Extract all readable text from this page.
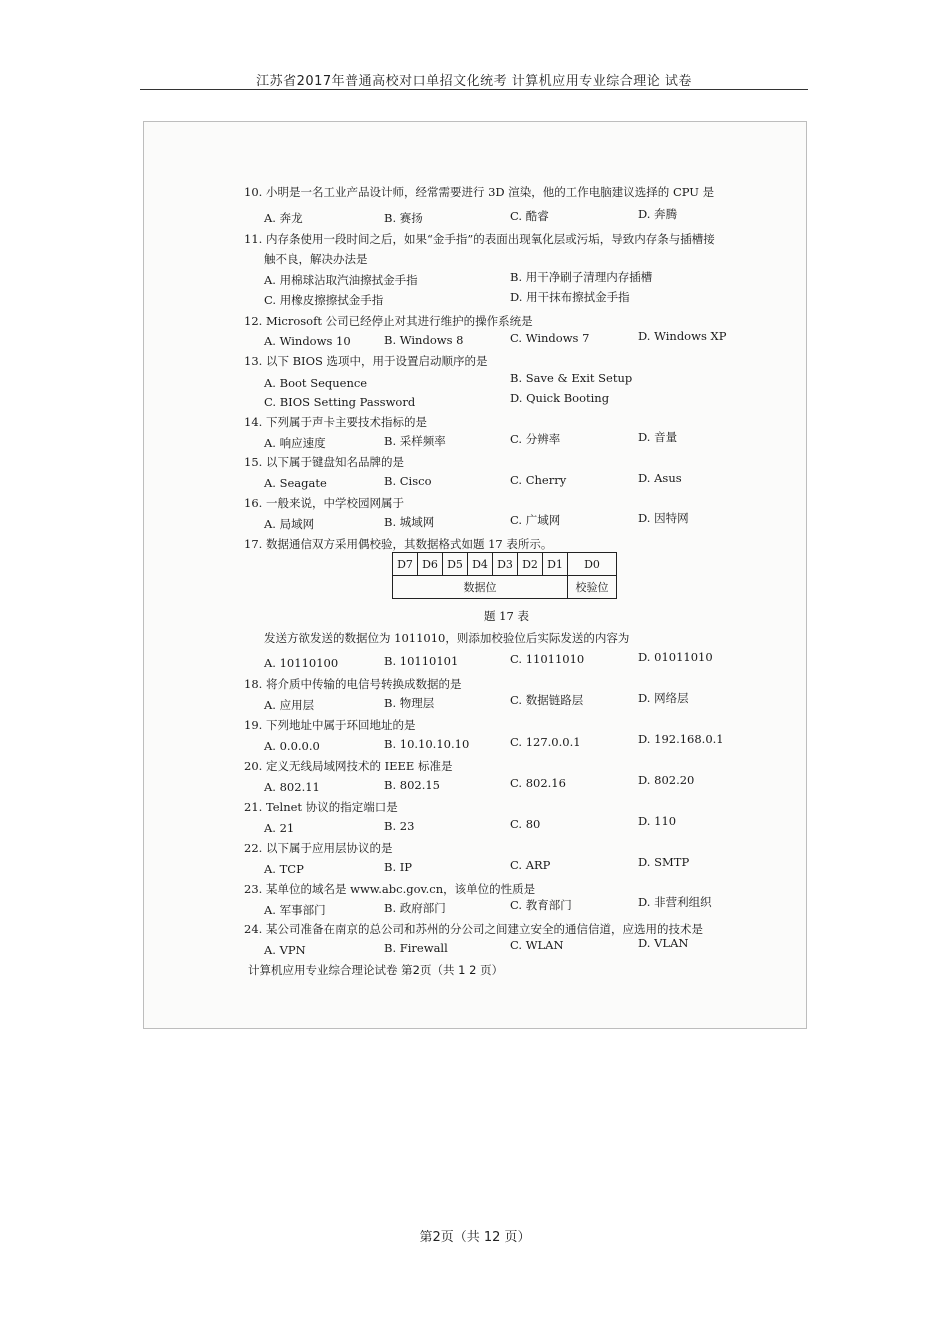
江苏省2017年普通高校对口单招文化统考 计算机应用专业综合理论 试卷
10. 小明是一名工业产品设计师，经常需要进行 3D 渲染，他的工作电脑建议选择的 CPU 是
A. 奔龙	B. 赛扬	C. 酷睿	D. 奔腾
11. 内存条使用一段时间之后，如果“金手指”的表面出现氧化层或污垢，导致内存条与插槽接
触不良，解决办法是
A. 用棉球沾取汽油擦拭金手指	B. 用干净刷子清理内存插槽
C. 用橡皮擦擦拭金手指	D. 用干抹布擦拭金手指
12. Microsoft 公司已经停止对其进行维护的操作系统是
A. Windows 10	B. Windows 8	C. Windows 7	D. Windows XP
13. 以下 BIOS 选项中，用于设置启动顺序的是
A. Boot Sequence	B. Save & Exit Setup
C. BIOS Setting Password	D. Quick Booting
14. 下列属于声卡主要技术指标的是
A. 响应速度	B. 采样频率	C. 分辨率	D. 音量
15. 以下属于键盘知名品牌的是
A. Seagate	B. Cisco	C. Cherry	D. Asus
16. 一般来说，中学校园网属于
A. 局域网	B. 城域网	C. 广域网	D. 因特网
17. 数据通信双方采用偶校验，其数据格式如题 17 表所示。
D7	D6	D5	D4	D3	D2	D1	D0
数据位							校验位
题 17 表
发送方欲发送的数据位为 1011010，则添加校验位后实际发送的内容为
A. 10110100	B. 10110101	C. 11011010	D. 01011010
18. 将介质中传输的电信号转换成数据的是
A. 应用层	B. 物理层	C. 数据链路层	D. 网络层
19. 下列地址中属于环回地址的是
A. 0.0.0.0	B. 10.10.10.10	C. 127.0.0.1	D. 192.168.0.1
20. 定义无线局域网技术的 IEEE 标准是
A. 802.11	B. 802.15	C. 802.16	D. 802.20
21. Telnet 协议的指定端口是
A. 21	B. 23	C. 80	D. 110
22. 以下属于应用层协议的是
A. TCP	B. IP	C. ARP	D. SMTP
23. 某单位的域名是 www.abc.gov.cn，该单位的性质是
A. 军事部门	B. 政府部门	C. 教育部门	D. 非营利组织
24. 某公司准备在南京的总公司和苏州的分公司之间建立安全的通信信道，应选用的技术是
A. VPN	B. Firewall	C. WLAN	D. VLAN
计算机应用专业综合理论试卷 第2页（共 1 2 页）
第2页（共 12 页）
